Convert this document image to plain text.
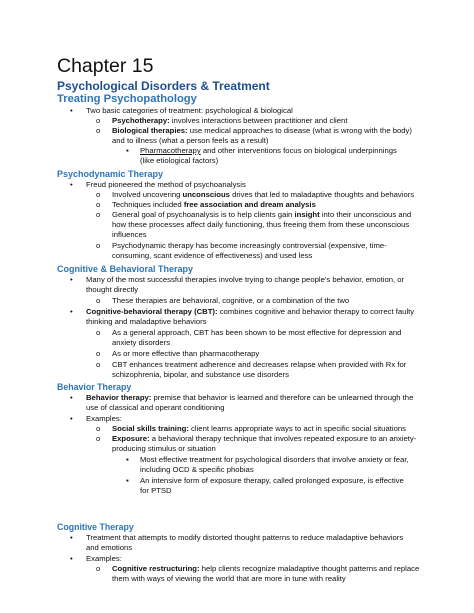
Chapter 15
Psychological Disorders & Treatment
Treating Psychopathology
• Two basic categories of treatment: psychological & biological
o Psychotherapy: involves interactions between practitioner and client
o Biological therapies: use medical approaches to disease (what is wrong with the body)
and to illness (what a person feels as a result)
▪ Pharmacotherapy and other interventions focus on biological underpinnings
(like etiological factors)
Psychodynamic Therapy
• Freud pioneered the method of psychoanalysis
o Involved uncovering unconscious drives that led to maladaptive thoughts and behaviors
o Techniques included free association and dream analysis
o General goal of psychoanalysis is to help clients gain insight into their unconscious and
how these processes affect daily functioning, thus freeing them from these unconscious
influences
o Psychodynamic therapy has become increasingly controversial (expensive, time-
consuming, scant evidence of effectiveness) and used less
Cognitive & Behavioral Therapy
• Many of the most successful therapies involve trying to change people's behavior, emotion, or
thought directly
o These therapies are behavioral, cognitive, or a combination of the two
• Cognitive-behavioral therapy (CBT): combines cognitive and behavior therapy to correct faulty
thinking and maladaptive behaviors
o As a general approach, CBT has been shown to be most effective for depression and
anxiety disorders
o As or more effective than pharmacotherapy
o CBT enhances treatment adherence and decreases relapse when provided with Rx for
schizophrenia, bipolar, and substance use disorders
Behavior Therapy
• Behavior therapy: premise that behavior is learned and therefore can be unlearned through the
use of classical and operant conditioning
• Examples:
o Social skills training: client learns appropriate ways to act in specific social situations
o Exposure: a behavioral therapy technique that involves repeated exposure to an anxiety-
producing stimulus or situation
▪ Most effective treatment for psychological disorders that involve anxiety or fear,
including OCD & specific phobias
▪ An intensive form of exposure therapy, called prolonged exposure, is effective
for PTSD
Cognitive Therapy
• Treatment that attempts to modify distorted thought patterns to reduce maladaptive behaviors
and emotions
• Examples:
o Cognitive restructuring: help clients recognize maladaptive thought patterns and replace
them with ways of viewing the world that are more in tune with reality
